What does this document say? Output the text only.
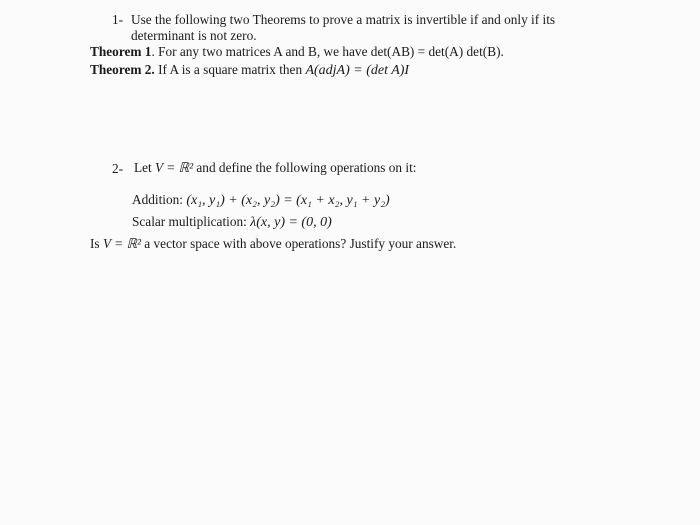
1- Use the following two Theorems to prove a matrix is invertible if and only if its
determinant is not zero.
Theorem 1. For any two matrices A and B, we have det(AB) = det(A) det(B).
Theorem 2. If A is a square matrix then A(adjA) = (det A)I
2- Let V = ℝ² and define the following operations on it:
Addition: (x₁, y₁) + (x₂, y₂) = (x₁ + x₂, y₁ + y₂)
Scalar multiplication: λ(x, y) = (0, 0)
Is V = ℝ² a vector space with above operations? Justify your answer.
